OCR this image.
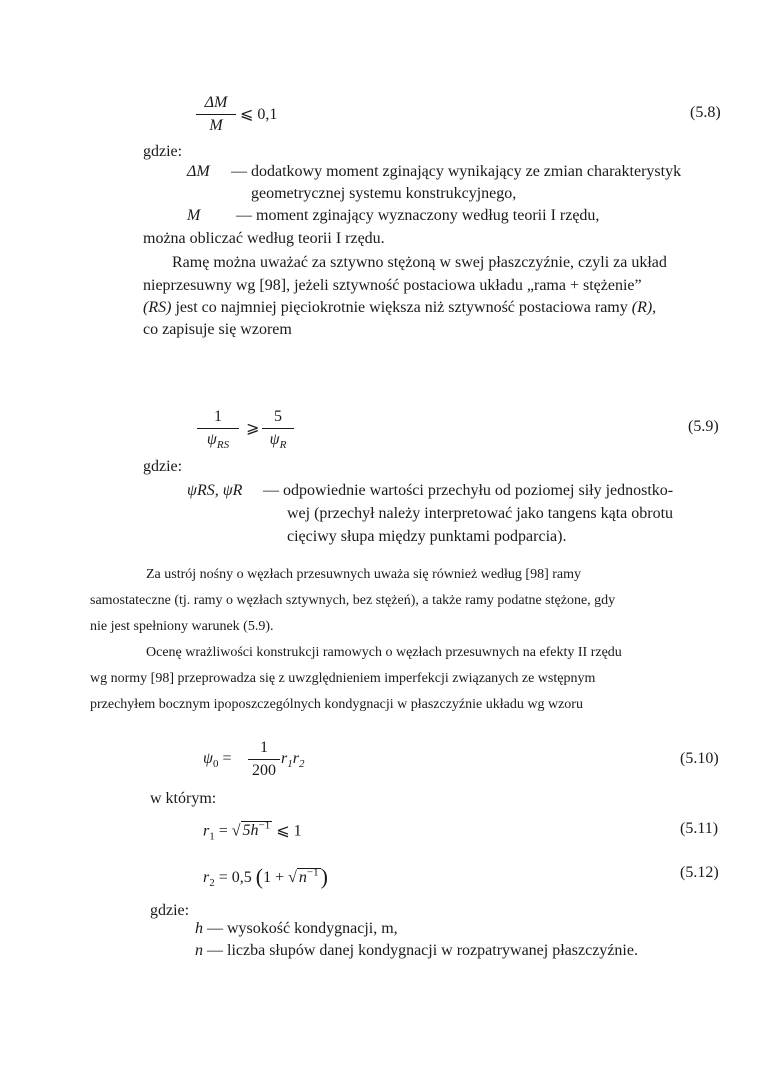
ΔM
M
⩽ 0,1	(5.8)
gdzie:
ΔM — dodatkowy moment zginający wynikający ze zmian charakterystyk
geometrycznej systemu konstrukcyjnego,
M — moment zginający wyznaczony według teorii I rzędu,
można obliczać według teorii I rzędu.
Ramę można uważać za sztywno stężoną w swej płaszczyźnie, czyli za układ
nieprzesuwny wg [98], jeżeli sztywność postaciowa układu „rama + stężenie”
(RS) jest co najmniej pięciokrotnie większa niż sztywność postaciowa ramy (R),
co zapisuje się wzorem
1
$\psi_{RS}$
⩾
5
$\psi_R$
(5.9)
gdzie:
ψRS, ψR — odpowiednie wartości przechyłu od poziomej siły jednostko-
wej (przechył należy interpretować jako tangens kąta obrotu
cięciwy słupa między punktami podparcia).
Za ustrój nośny o węzłach przesuwnych uważa się również według [98] ramy
samostateczne (tj. ramy o węzłach sztywnych, bez stężeń), a także ramy podatne stężone, gdy
nie jest spełniony warunek (5.9).
Ocenę wrażliwości konstrukcji ramowych o węzłach przesuwnych na efekty II rzędu
wg normy [98] przeprowadza się z uwzględnieniem imperfekcji związanych ze wstępnym
przechyłem bocznym ipoposzczególnych kondygnacji w płaszczyźnie układu wg wzoru
$\psi_0$ =
1
200
$r_1r_2$	(5.10)
w którym:
$r_1$ = √ $5h^{-1}$ ⩽ 1	(5.11)
$r_2 = 0,5$ (1 + √ $n^{-1}$)	(5.12)
gdzie:
h — wysokość kondygnacji, m,
n — liczba słupów danej kondygnacji w rozpatrywanej płaszczyźnie.
